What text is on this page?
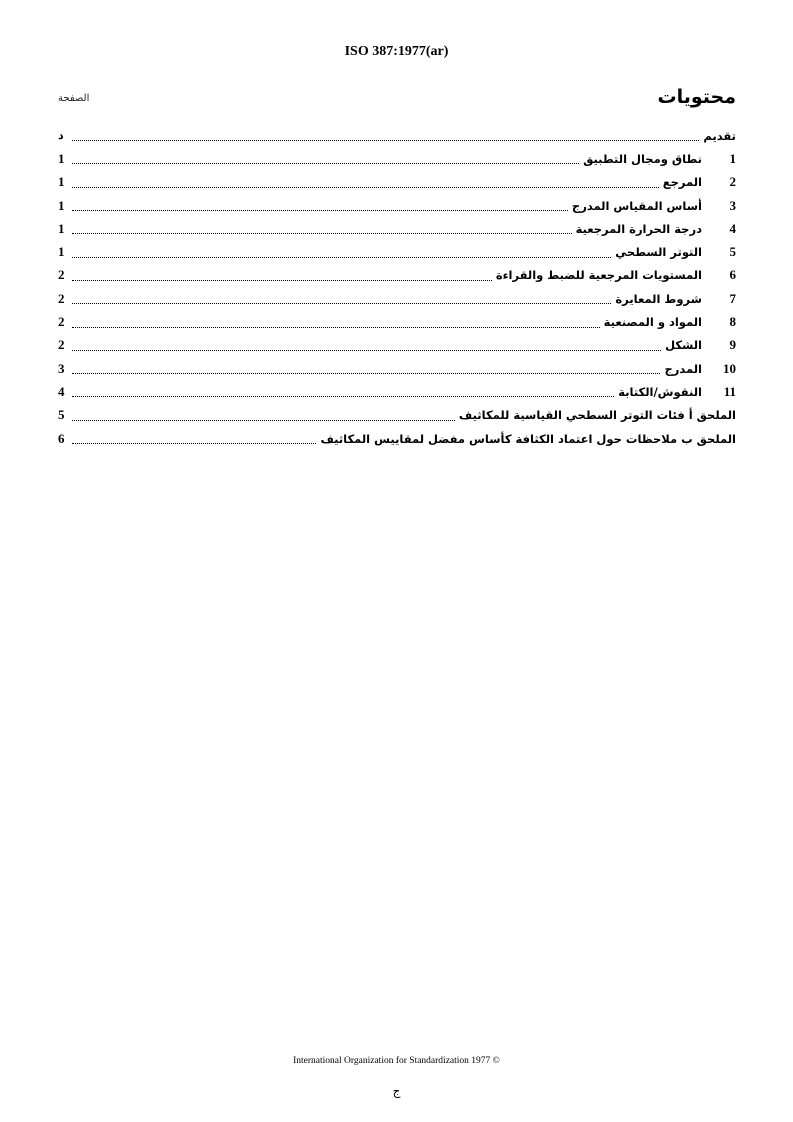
ISO 387:1977(ar)
محتويات
الصفحة
تقديم
د
1
نطاق ومجال التطبيق
1
2
المرجع
1
3
أساس المقياس المدرج
1
4
درجة الحرارة المرجعية
1
5
التوتر السطحي
1
6
المستويات المرجعية للضبط والقراءة
2
7
شروط المعايرة
2
8
المواد و المصنعية
2
9
الشكل
2
10
المدرج
3
11
النقوش/الكتابة
4
الملحق أ فئات التوتر السطحي القياسية للمكاثيف
5
الملحق ب ملاحظات حول اعتماد الكثافة كأساس مفضل لمقاييس المكاثيف
6
International Organization for Standardization 1977 ©
ج
